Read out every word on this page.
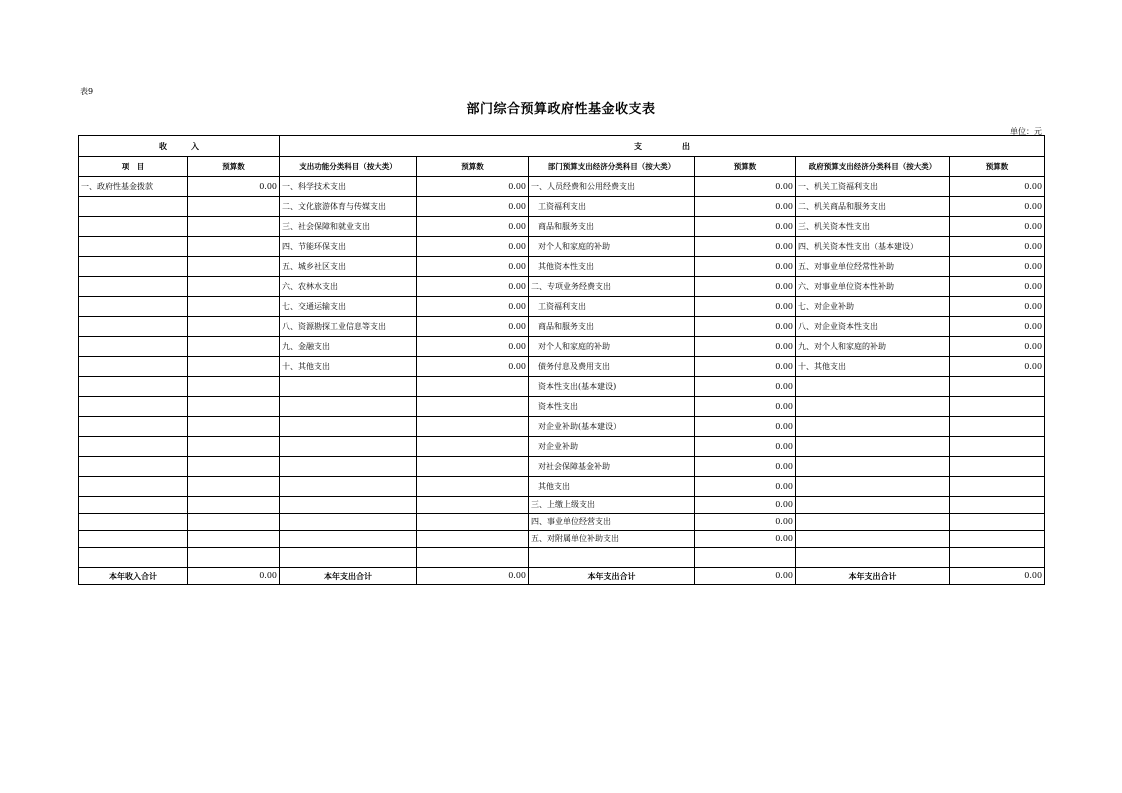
表9
部门综合预算政府性基金收支表
单位：元
收　　　入		支　　　　　出					
项　目	预算数	支出功能分类科目（按大类）	预算数	部门预算支出经济分类科目（按大类）	预算数	政府预算支出经济分类科目（按大类）	预算数
一、政府性基金拨款	0.00	一、科学技术支出	0.00	一、人员经费和公用经费支出	0.00	一、机关工资福利支出	0.00
		二、文化旅游体育与传媒支出	0.00	工资福利支出	0.00	二、机关商品和服务支出	0.00
		三、社会保障和就业支出	0.00	商品和服务支出	0.00	三、机关资本性支出	0.00
		四、节能环保支出	0.00	对个人和家庭的补助	0.00	四、机关资本性支出（基本建设）	0.00
		五、城乡社区支出	0.00	其他资本性支出	0.00	五、对事业单位经常性补助	0.00
		六、农林水支出	0.00	二、专项业务经费支出	0.00	六、对事业单位资本性补助	0.00
		七、交通运输支出	0.00	工资福利支出	0.00	七、对企业补助	0.00
		八、资源勘探工业信息等支出	0.00	商品和服务支出	0.00	八、对企业资本性支出	0.00
		九、金融支出	0.00	对个人和家庭的补助	0.00	九、对个人和家庭的补助	0.00
		十、其他支出	0.00	债务付息及费用支出	0.00	十、其他支出	0.00
				资本性支出(基本建设)	0.00		
				资本性支出	0.00		
				对企业补助(基本建设）	0.00		
				对企业补助	0.00		
				对社会保障基金补助	0.00		
				其他支出	0.00		
				三、上缴上级支出	0.00		
				四、事业单位经营支出	0.00		
				五、对附属单位补助支出	0.00		

本年收入合计	0.00	本年支出合计	0.00	本年支出合计	0.00	本年支出合计	0.00
